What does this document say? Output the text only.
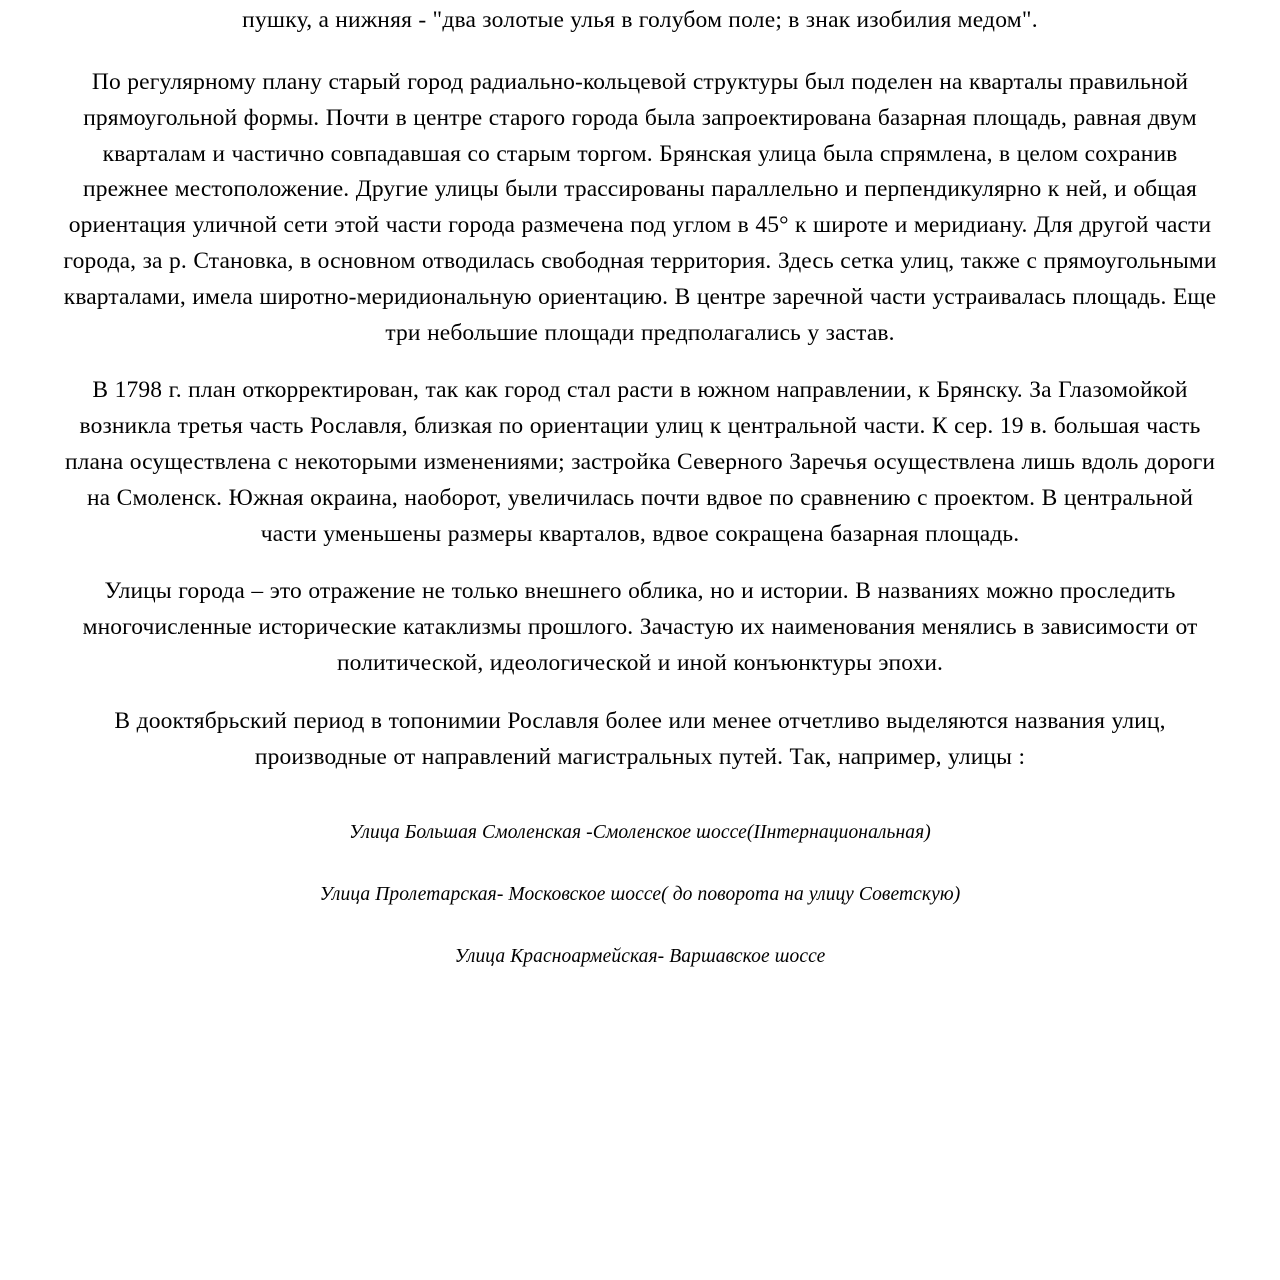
пушку, а нижняя - "два золотые улья в голубом поле; в знак изобилия медом".

По регулярному плану старый город радиально-кольцевой структуры был поделен на кварталы правильной прямоугольной формы. Почти в центре старого города была запроектирована базарная площадь, равная двум кварталам и частично совпадавшая со старым торгом. Брянская улица была спрямлена, в целом сохранив прежнее местоположение. Другие улицы были трассированы параллельно и перпендикулярно к ней, и общая ориентация уличной сети этой части города размечена под углом в 45° к широте и меридиану. Для другой части города, за р. Становка, в основном отводилась свободная территория. Здесь сетка улиц, также с прямоугольными кварталами, имела широтно-меридиональную ориентацию. В центре заречной части устраивалась площадь. Еще три небольшие площади предполагались у застав.

В 1798 г. план откорректирован, так как город стал расти в южном направлении, к Брянску. За Глазомойкой возникла третья часть Рославля, близкая по ориентации улиц к центральной части. К сер. 19 в. большая часть плана осуществлена с некоторыми изменениями; застройка Северного Заречья осуществлена лишь вдоль дороги на Смоленск. Южная окраина, наоборот, увеличилась почти вдвое по сравнению с проектом. В центральной части уменьшены размеры кварталов, вдвое сокращена базарная площадь.

Улицы города – это отражение не только внешнего облика, но и истории. В названиях можно проследить многочисленные исторические катаклизмы прошлого. Зачастую их наименования менялись в зависимости от политической, идеологической и иной конъюнктуры эпохи.

В дооктябрьский период в топонимии Рославля более или менее отчетливо выделяются названия улиц, производные от направлений магистральных путей. Так, например, улицы :

Улица Большая Смоленская -Смоленское шоссе(IIнтернациональная)
Улица Пролетарская- Московское шоссе( до поворота на улицу Советскую)
Улица Красноармейская- Варшавское шоссе
